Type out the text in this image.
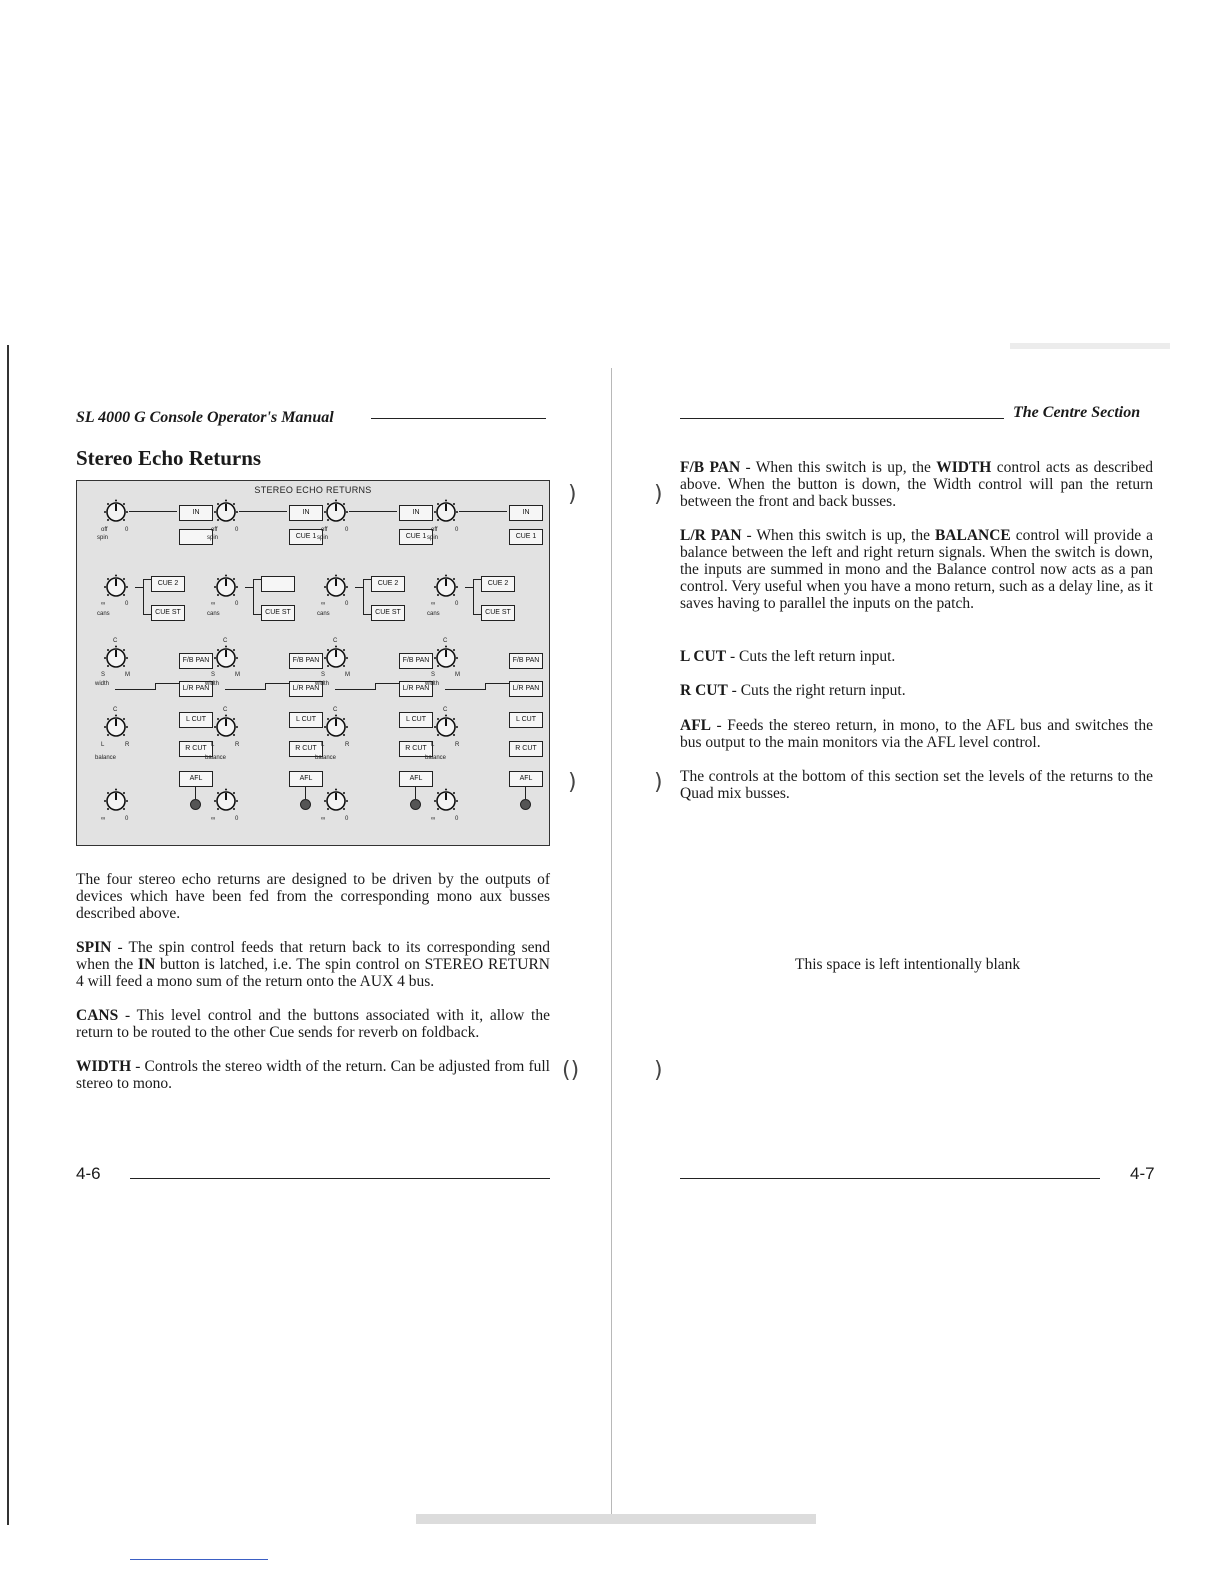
SL 4000 G Console Operator's Manual
Stereo Echo Returns
STEREO ECHO RETURNS
off	0
spin
∞	0
cans
C
S	M
width
C
L	R
balance
∞	0
IN
CUE 2
CUE ST
F/B PAN
L/R PAN
L CUT
R CUT
AFL
off	0
spin
∞	0
cans
C
S	M
width
C
L	R
balance
∞	0
IN
CUE 1
CUE ST
F/B PAN
L/R PAN
L CUT
R CUT
AFL
off	0
spin
∞	0
cans
C
S	M
width
C
L	R
balance
∞	0
IN
CUE 1
CUE 2
CUE ST
F/B PAN
L/R PAN
L CUT
R CUT
AFL
off	0
spin
∞	0
cans
C
S	M
width
C
L	R
balance
∞	0
IN
CUE 1
CUE 2
CUE ST
F/B PAN
L/R PAN
L CUT
R CUT
AFL
The four stereo echo returns are designed to be driven by the outputs of devices which have been fed from the corresponding mono aux busses described above.
SPIN - The spin control feeds that return back to its corresponding send when the IN button is latched, i.e. The spin control on STEREO RETURN 4 will feed a mono sum of the return onto the AUX 4 bus.
CANS - This level control and the buttons associated with it, allow the return to be routed to the other Cue sends for reverb on foldback.
WIDTH - Controls the stereo width of the return. Can be adjusted from full stereo to mono.
4-6
)
)
()
)
)
)
The Centre Section
F/B PAN - When this switch is up, the WIDTH control acts as described above. When the button is down, the Width control will pan the return between the front and back busses.
L/R PAN - When this switch is up, the BALANCE control will provide a balance between the left and right return signals. When the switch is down, the inputs are summed in mono and the Balance control now acts as a pan control. Very useful when you have a mono return, such as a delay line, as it saves having to parallel the inputs on the patch.
L CUT - Cuts the left return input.
R CUT - Cuts the right return input.
AFL - Feeds the stereo return, in mono, to the AFL bus and switches the bus output to the main monitors via the AFL level control.
The controls at the bottom of this section set the levels of the returns to the Quad mix busses.
This space is left intentionally blank
4-7
